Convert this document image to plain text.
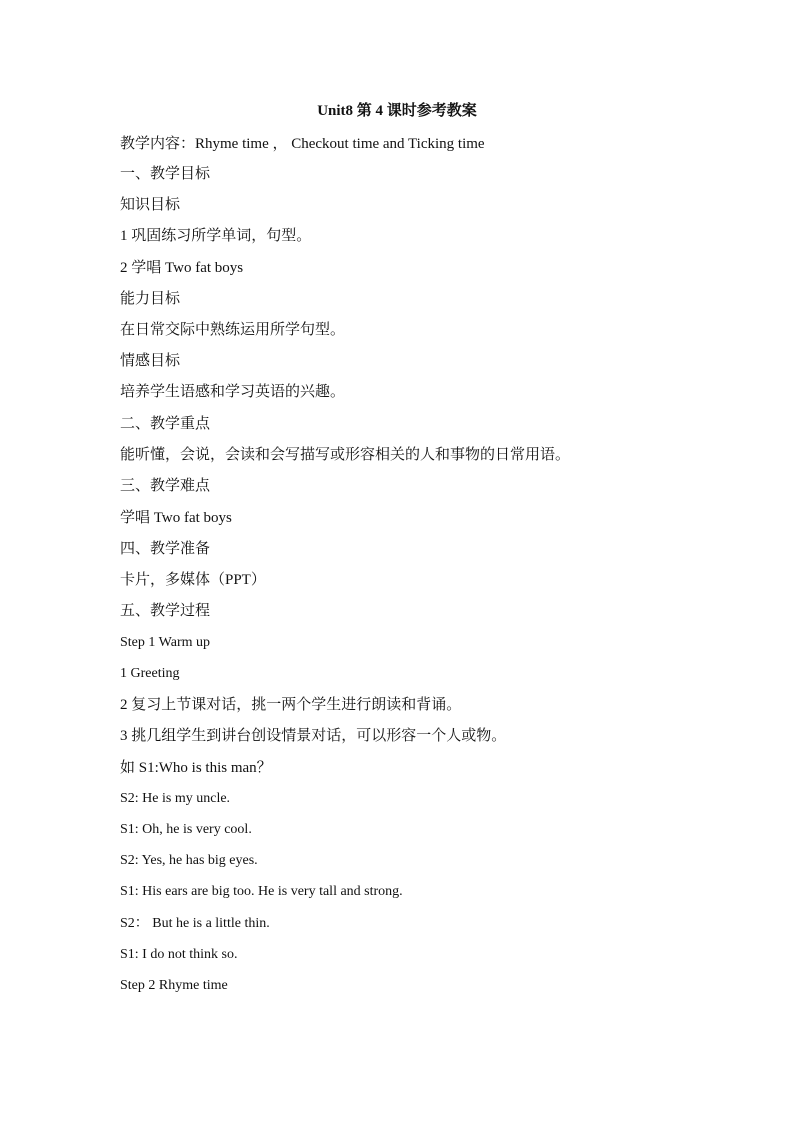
Unit8 第 4 课时参考教案
教学内容：Rhyme time ， Checkout time and Ticking time
一、教学目标
知识目标
1 巩固练习所学单词，句型。
2 学唱 Two fat boys
能力目标
在日常交际中熟练运用所学句型。
情感目标
培养学生语感和学习英语的兴趣。
二、教学重点
能听懂，会说，会读和会写描写或形容相关的人和事物的日常用语。
三、教学难点
学唱 Two fat boys
四、教学准备
卡片，多媒体（PPT）
五、教学过程
Step 1 Warm up
1 Greeting
2 复习上节课对话，挑一两个学生进行朗读和背诵。
3 挑几组学生到讲台创设情景对话，可以形容一个人或物。
如 S1:Who is this man？
S2: He is my uncle.
S1: Oh, he is very cool.
S2: Yes, he has big eyes.
S1: His ears are big too. He is very tall and strong.
S2： But he is a little thin.
S1: I do not think so.
Step 2 Rhyme time
